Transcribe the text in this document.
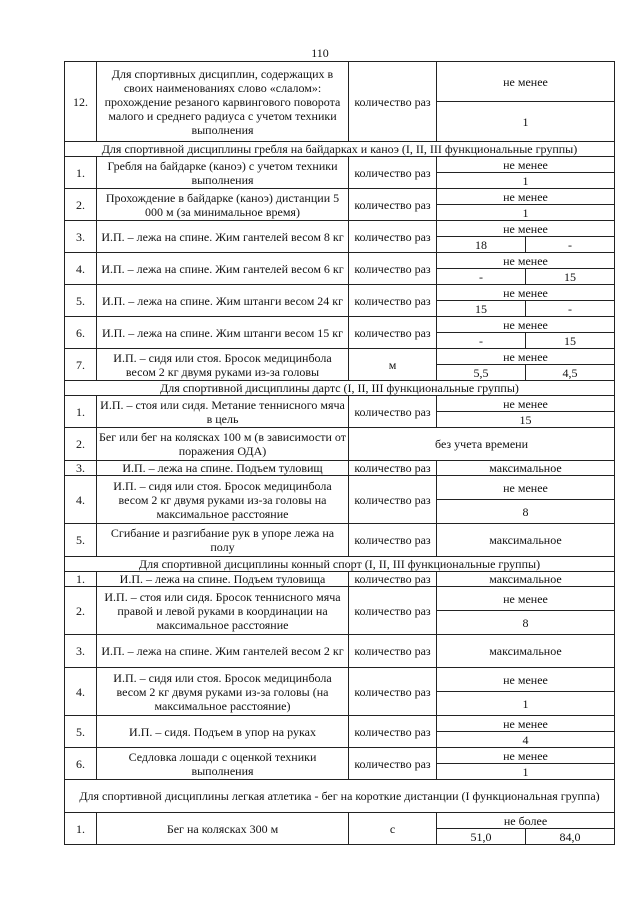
110
12.	Для спортивных дисциплин, содержащих в своих наименованиях слово «слалом»: прохождение резаного карвингового поворота малого и среднего радиуса с учетом техники выполнения	количество раз	не менее	
			1	
Для спортивной дисциплины гребля на байдарках и каноэ (I, II, III функциональные группы)				
1.	Гребля на байдарке (каноэ) с учетом техники выполнения	количество раз	не менее	
			1	
2.	Прохождение в байдарке (каноэ) дистанции 5 000 м (за минимальное время)	количество раз	не менее	
			1	
3.	И.П. – лежа на спине. Жим гантелей весом 8 кг	количество раз	не менее	
			18	-
4.	И.П. – лежа на спине. Жим гантелей весом 6 кг	количество раз	не менее	
			-	15
5.	И.П. – лежа на спине. Жим штанги весом 24 кг	количество раз	не менее	
			15	-
6.	И.П. – лежа на спине. Жим штанги весом 15 кг	количество раз	не менее	
			-	15
7.	И.П. – сидя или стоя. Бросок медицинбола весом 2 кг двумя руками из-за головы	м	не менее	
			5,5	4,5
Для спортивной дисциплины дартс (I, II, III функциональные группы)				
1.	И.П. – стоя или сидя. Метание теннисного мяча в цель	количество раз	не менее	
			15	
2.	Бег или бег на колясках 100 м (в зависимости от поражения ОДА)	без учета времени		
3.	И.П. – лежа на спине. Подъем туловищ	количество раз	максимальное	
4.	И.П. – сидя или стоя. Бросок медицинбола весом 2 кг двумя руками из-за головы на максимальное расстояние	количество раз	не менее	
			8	
5.	Сгибание и разгибание рук в упоре лежа на полу	количество раз	максимальное	
Для спортивной дисциплины конный спорт (I, II, III функциональные группы)				
1.	И.П. – лежа на спине. Подъем туловища	количество раз	максимальное	
2.	И.П. – стоя или сидя. Бросок теннисного мяча правой и левой руками в координации на максимальное расстояние	количество раз	не менее	
			8	
3.	И.П. – лежа на спине. Жим гантелей весом 2 кг	количество раз	максимальное	
4.	И.П. – сидя или стоя. Бросок медицинбола весом 2 кг двумя руками из-за головы (на максимальное расстояние)	количество раз	не менее	
			1	
5.	И.П. – сидя. Подъем в упор на руках	количество раз	не менее	
			4	
6.	Седловка лошади с оценкой техники выполнения	количество раз	не менее	
			1	
Для спортивной дисциплины легкая атлетика - бег на короткие дистанции (I функциональная группа)				
1.	Бег на колясках 300 м	с	не более	
			51,0	84,0
